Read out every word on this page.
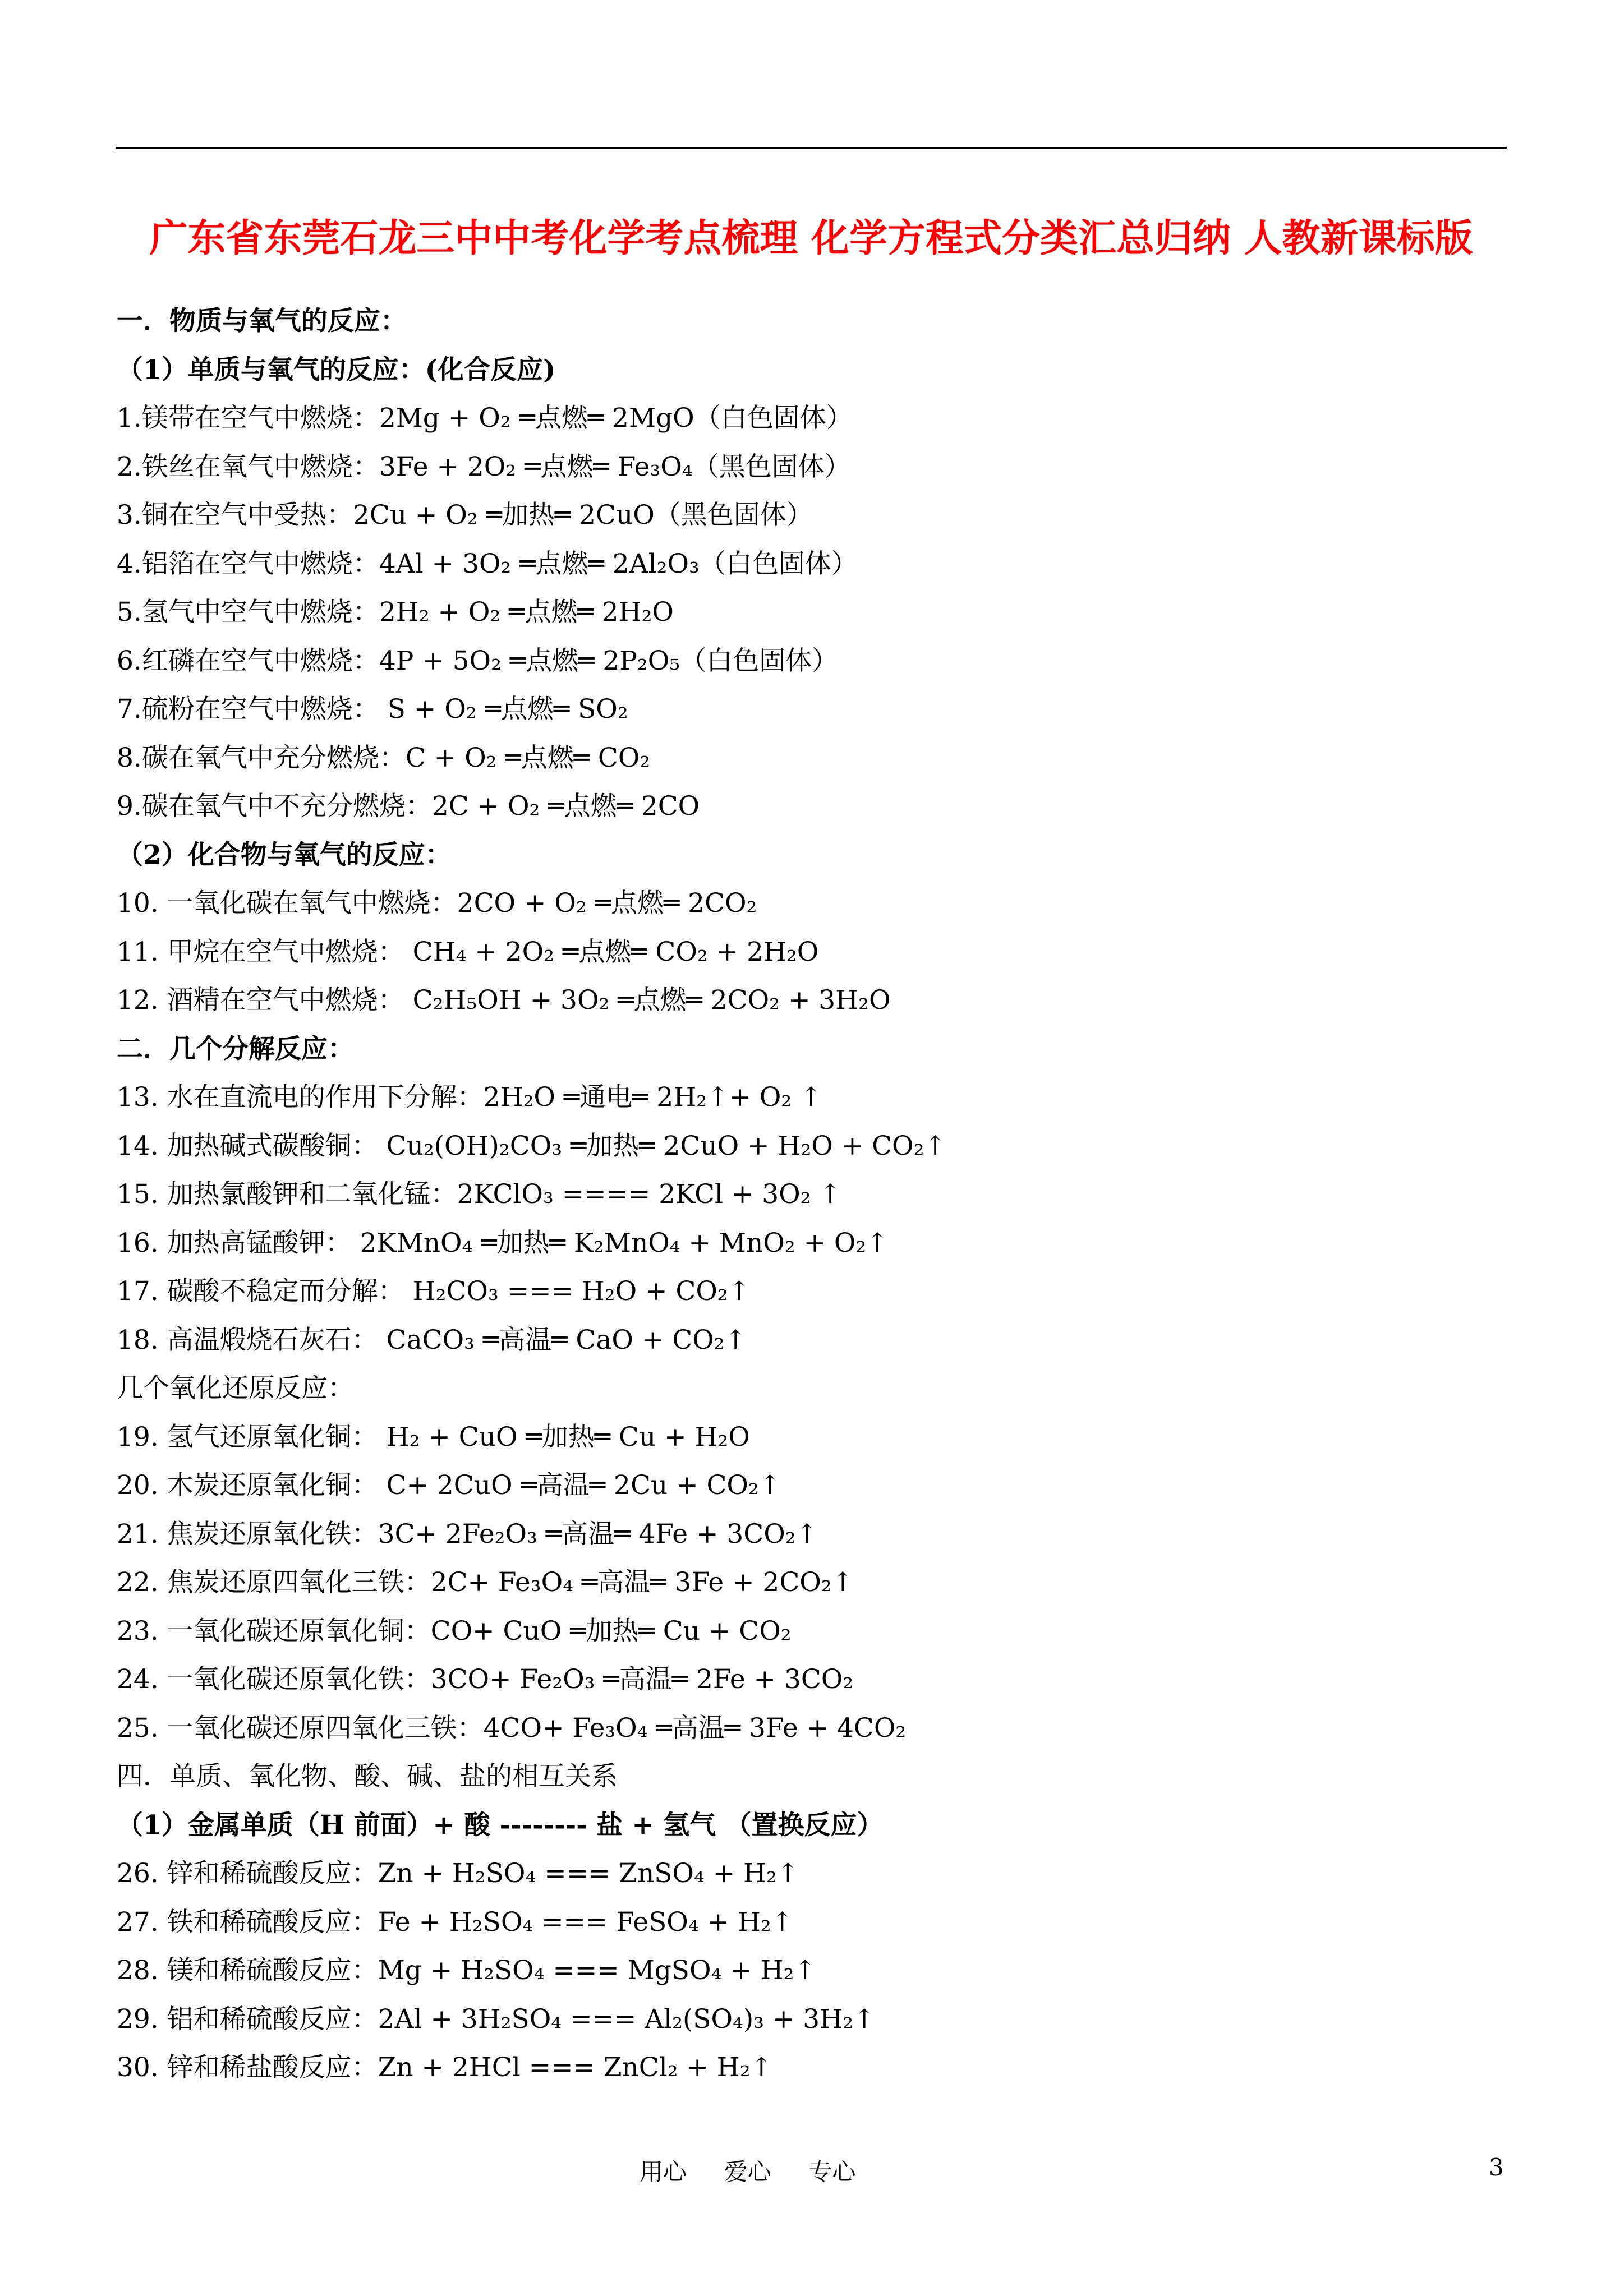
广东省东莞石龙三中中考化学考点梳理 化学方程式分类汇总归纳 人教新课标版
一．物质与氧气的反应：
（1）单质与氧气的反应：(化合反应)
1.镁带在空气中燃烧：2Mg + O₂ ═点燃═ 2MgO（白色固体）
2.铁丝在氧气中燃烧：3Fe + 2O₂ ═点燃═ Fe₃O₄（黑色固体）
3.铜在空气中受热：2Cu + O₂ ═加热═ 2CuO（黑色固体）
4.铝箔在空气中燃烧：4Al + 3O₂ ═点燃═ 2Al₂O₃（白色固体）
5.氢气中空气中燃烧：2H₂ + O₂ ═点燃═ 2H₂O
6.红磷在空气中燃烧：4P + 5O₂ ═点燃═ 2P₂O₅（白色固体）
7.硫粉在空气中燃烧： S + O₂ ═点燃═ SO₂
8.碳在氧气中充分燃烧：C + O₂ ═点燃═ CO₂
9.碳在氧气中不充分燃烧：2C + O₂ ═点燃═ 2CO
（2）化合物与氧气的反应：
10. 一氧化碳在氧气中燃烧：2CO + O₂ ═点燃═ 2CO₂
11. 甲烷在空气中燃烧： CH₄ + 2O₂ ═点燃═ CO₂ + 2H₂O
12. 酒精在空气中燃烧： C₂H₅OH + 3O₂ ═点燃═ 2CO₂ + 3H₂O
二．几个分解反应：
13. 水在直流电的作用下分解：2H₂O ═通电═ 2H₂↑+ O₂ ↑
14. 加热碱式碳酸铜： Cu₂(OH)₂CO₃ ═加热═ 2CuO + H₂O + CO₂↑
15. 加热氯酸钾和二氧化锰：2KClO₃ ==== 2KCl + 3O₂ ↑
16. 加热高锰酸钾： 2KMnO₄ ═加热═ K₂MnO₄ + MnO₂ + O₂↑
17. 碳酸不稳定而分解： H₂CO₃ === H₂O + CO₂↑
18. 高温煅烧石灰石： CaCO₃ ═高温═ CaO + CO₂↑
几个氧化还原反应：
19. 氢气还原氧化铜： H₂ + CuO ═加热═ Cu + H₂O
20. 木炭还原氧化铜： C+ 2CuO ═高温═ 2Cu + CO₂↑
21. 焦炭还原氧化铁：3C+ 2Fe₂O₃ ═高温═ 4Fe + 3CO₂↑
22. 焦炭还原四氧化三铁：2C+ Fe₃O₄ ═高温═ 3Fe + 2CO₂↑
23. 一氧化碳还原氧化铜：CO+ CuO ═加热═ Cu + CO₂
24. 一氧化碳还原氧化铁：3CO+ Fe₂O₃ ═高温═ 2Fe + 3CO₂
25. 一氧化碳还原四氧化三铁：4CO+ Fe₃O₄ ═高温═ 3Fe + 4CO₂
四．单质、氧化物、酸、碱、盐的相互关系
（1）金属单质（H 前面）+ 酸 -------- 盐 + 氢气 （置换反应）
26. 锌和稀硫酸反应：Zn + H₂SO₄ === ZnSO₄ + H₂↑
27. 铁和稀硫酸反应：Fe + H₂SO₄ === FeSO₄ + H₂↑
28. 镁和稀硫酸反应：Mg + H₂SO₄ === MgSO₄ + H₂↑
29. 铝和稀硫酸反应：2Al + 3H₂SO₄ === Al₂(SO₄)₃ + 3H₂↑
30. 锌和稀盐酸反应：Zn + 2HCl === ZnCl₂ + H₂↑
用心     爱心     专心	3
